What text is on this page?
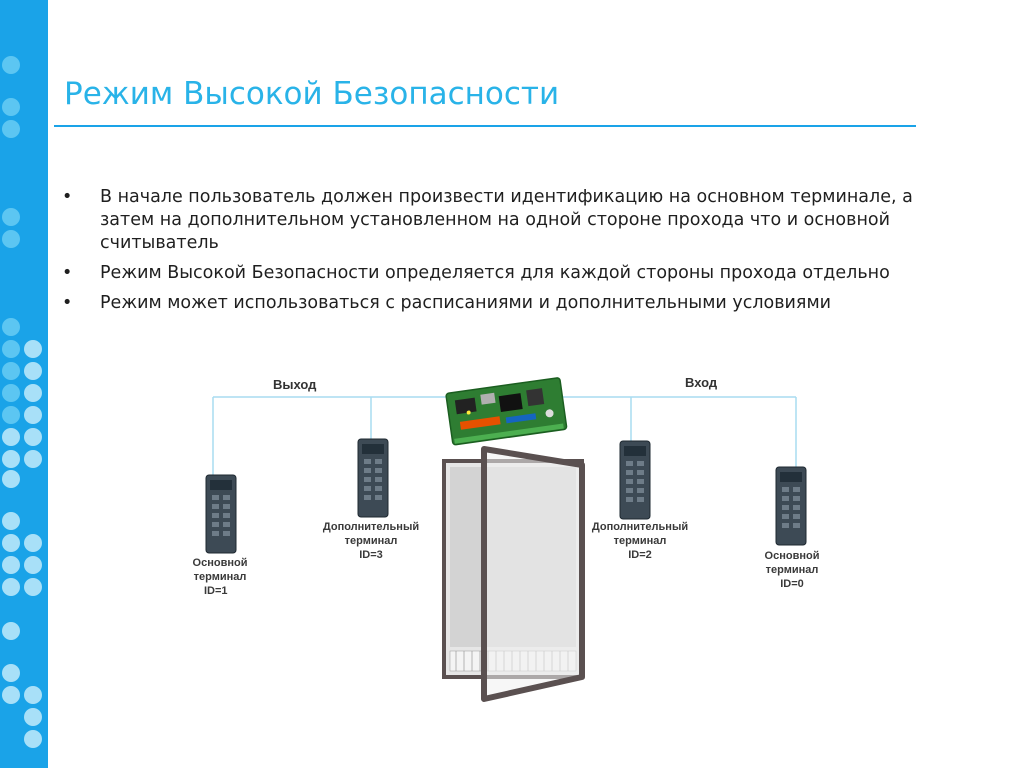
Режим Высокой Безопасности
• В начале пользователь должен произвести идентификацию на основном терминале, а затем на дополнительном установленном на одной стороне прохода что и основной считыватель
• Режим Высокой Безопасности определяется для каждой стороны прохода отдельно
• Режим может использоваться с расписаниями и дополнительными условиями
Выход	Вход
Основной
терминал
ID=1
Дополнительный
терминал
ID=3
Дополнительный
терминал
ID=2	Основной
терминал
ID=0
